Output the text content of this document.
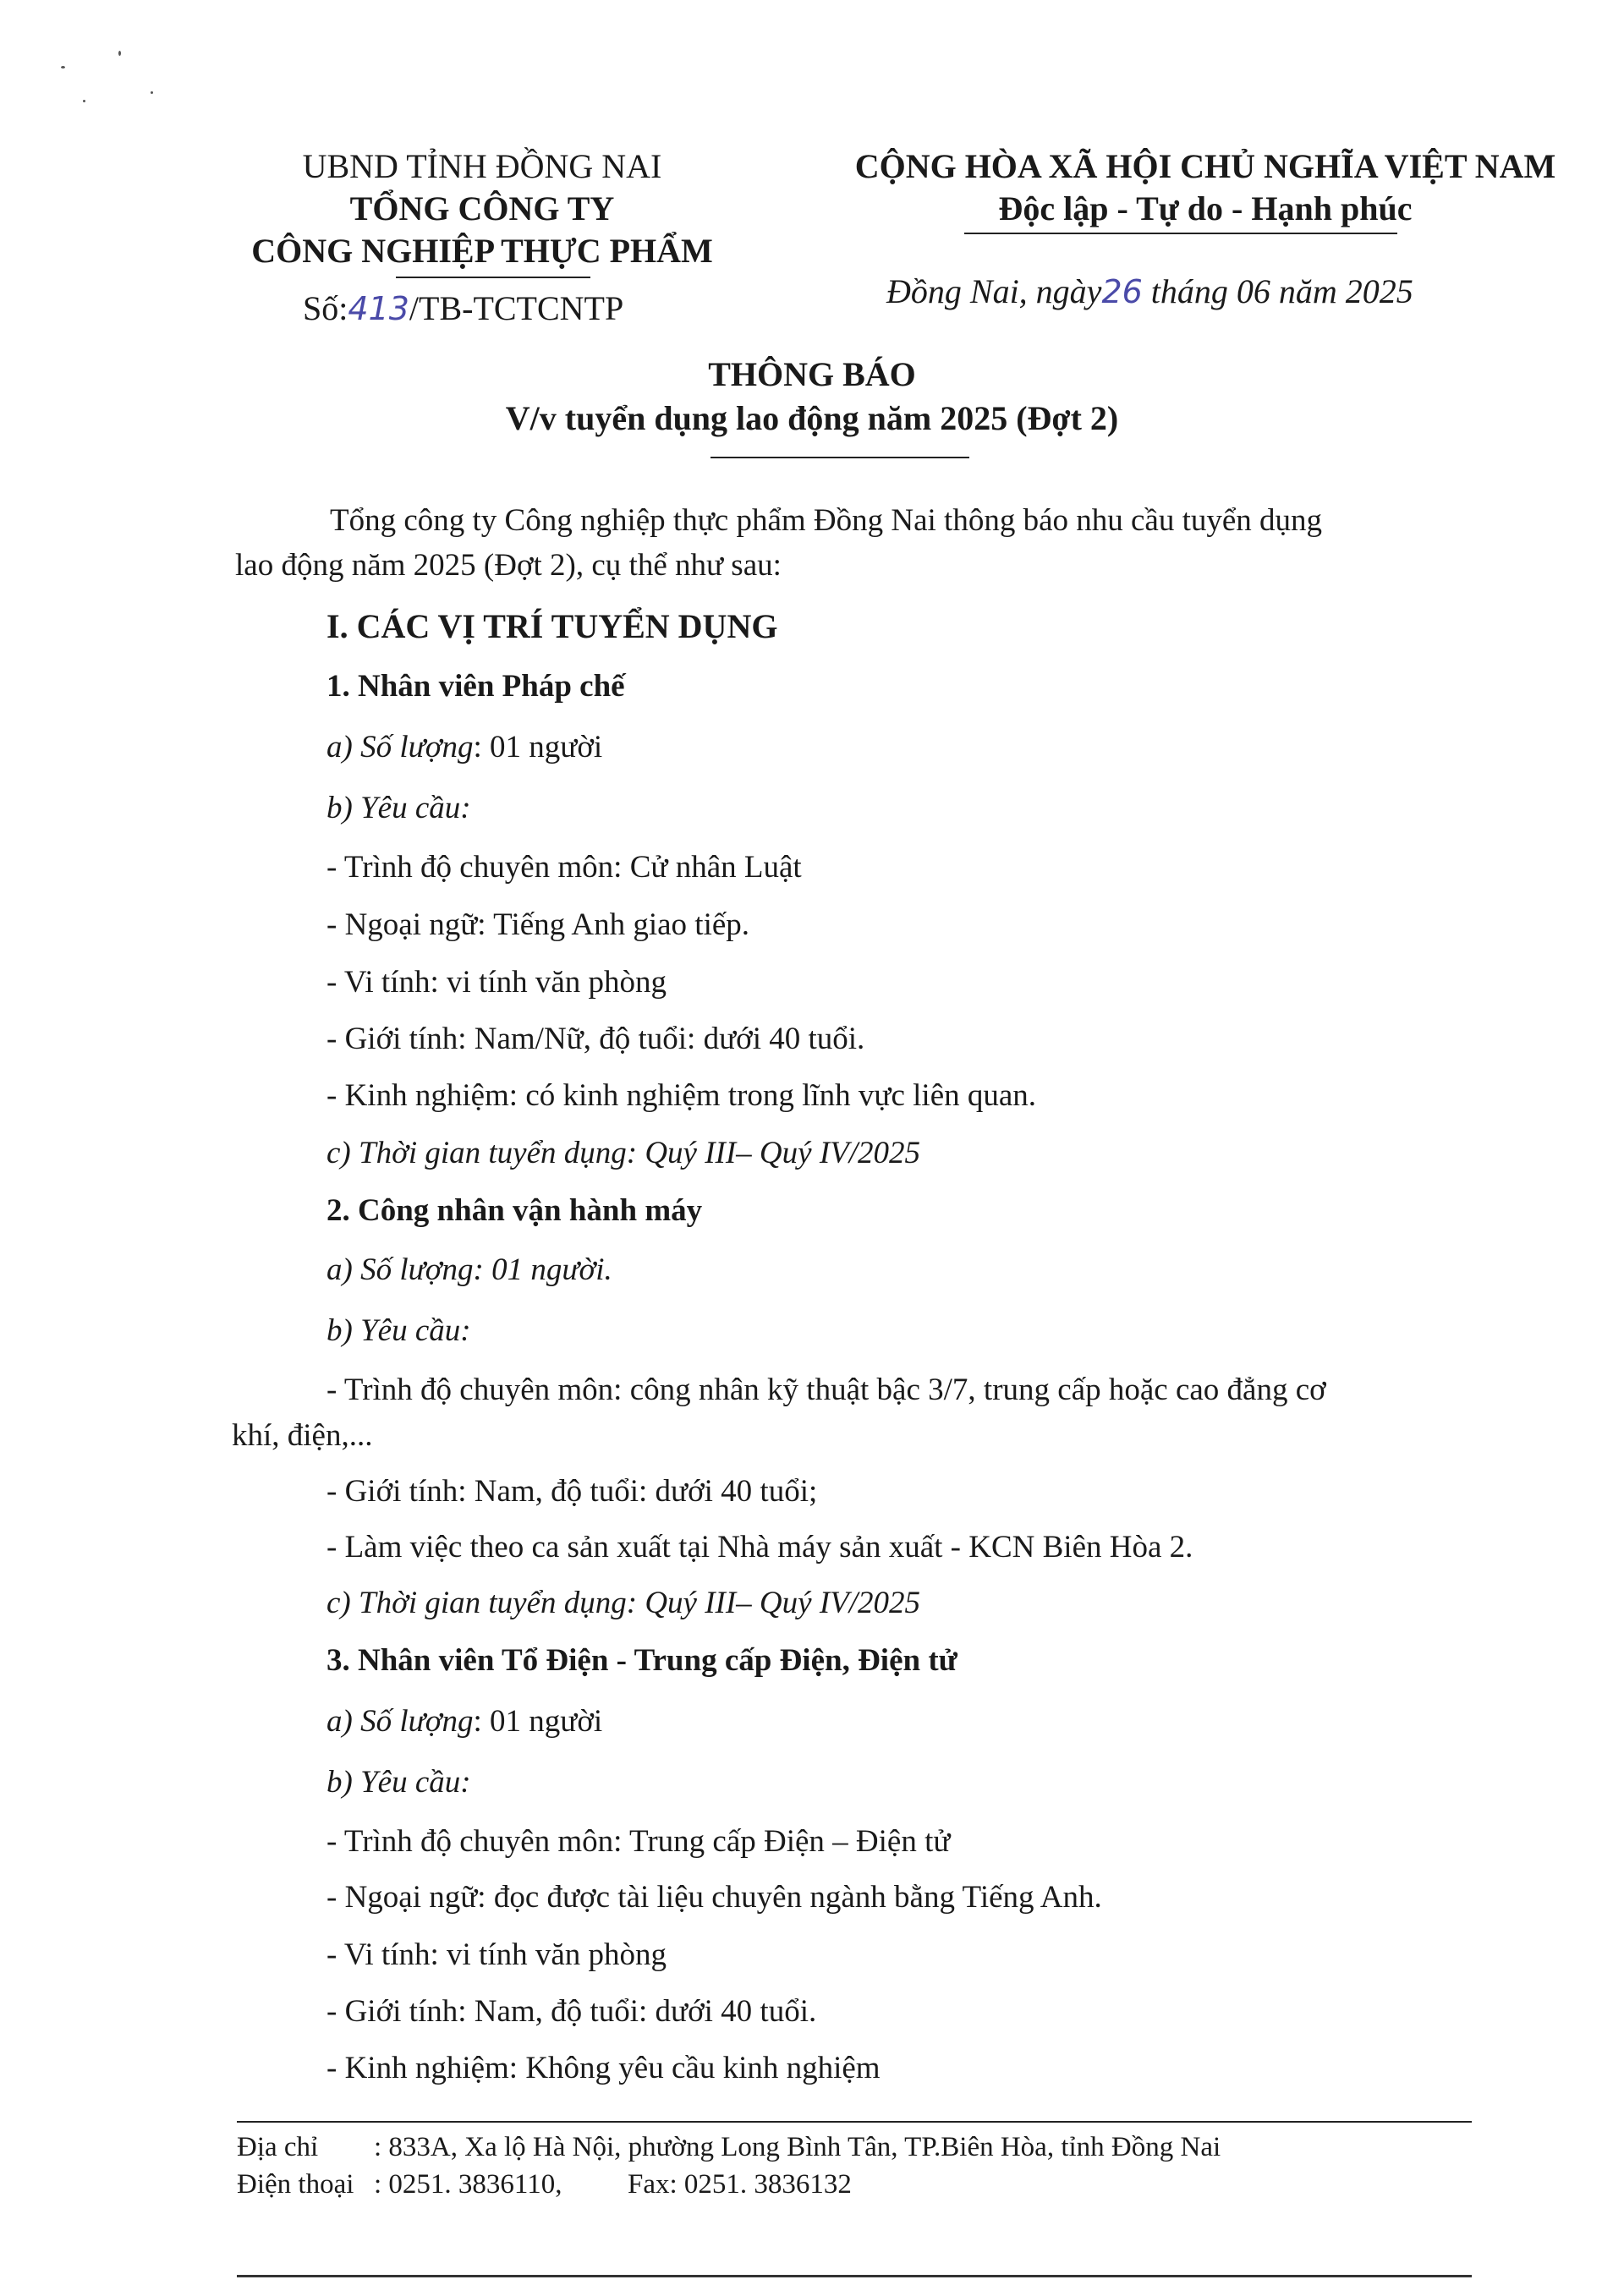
UBND TỈNH ĐỒNG NAI
TỔNG CÔNG TY
CÔNG NGHIỆP THỰC PHẨM
Số:413/TB-TCTCNTP
CỘNG HÒA XÃ HỘI CHỦ NGHĨA VIỆT NAM
Độc lập - Tự do - Hạnh phúc
Đồng Nai, ngày26 tháng 06 năm 2025
THÔNG BÁO
V/v tuyển dụng lao động năm 2025 (Đợt 2)
Tổng công ty Công nghiệp thực phẩm Đồng Nai thông báo nhu cầu tuyển dụng
lao động năm 2025 (Đợt 2), cụ thể như sau:
I. CÁC VỊ TRÍ TUYỂN DỤNG
1. Nhân viên Pháp chế
a) Số lượng: 01 người
b) Yêu cầu:
- Trình độ chuyên môn: Cử nhân Luật
- Ngoại ngữ: Tiếng Anh giao tiếp.
- Vi tính: vi tính văn phòng
- Giới tính: Nam/Nữ, độ tuổi: dưới 40 tuổi.
- Kinh nghiệm: có kinh nghiệm trong lĩnh vực liên quan.
c) Thời gian tuyển dụng: Quý III– Quý IV/2025
2. Công nhân vận hành máy
a) Số lượng: 01 người.
b) Yêu cầu:
- Trình độ chuyên môn: công nhân kỹ thuật bậc 3/7, trung cấp hoặc cao đẳng cơ
khí, điện,...
- Giới tính: Nam, độ tuổi: dưới 40 tuổi;
- Làm việc theo ca sản xuất tại Nhà máy sản xuất - KCN Biên Hòa 2.
c) Thời gian tuyển dụng: Quý III– Quý IV/2025
3. Nhân viên Tổ Điện - Trung cấp Điện, Điện tử
a) Số lượng: 01 người
b) Yêu cầu:
- Trình độ chuyên môn: Trung cấp Điện – Điện tử
- Ngoại ngữ: đọc được tài liệu chuyên ngành bằng Tiếng Anh.
- Vi tính: vi tính văn phòng
- Giới tính: Nam, độ tuổi: dưới 40 tuổi.
- Kinh nghiệm: Không yêu cầu kinh nghiệm
Địa chỉ : 833A, Xa lộ Hà Nội, phường Long Bình Tân, TP.Biên Hòa, tỉnh Đồng Nai
Điện thoại : 0251. 3836110, Fax: 0251. 3836132
